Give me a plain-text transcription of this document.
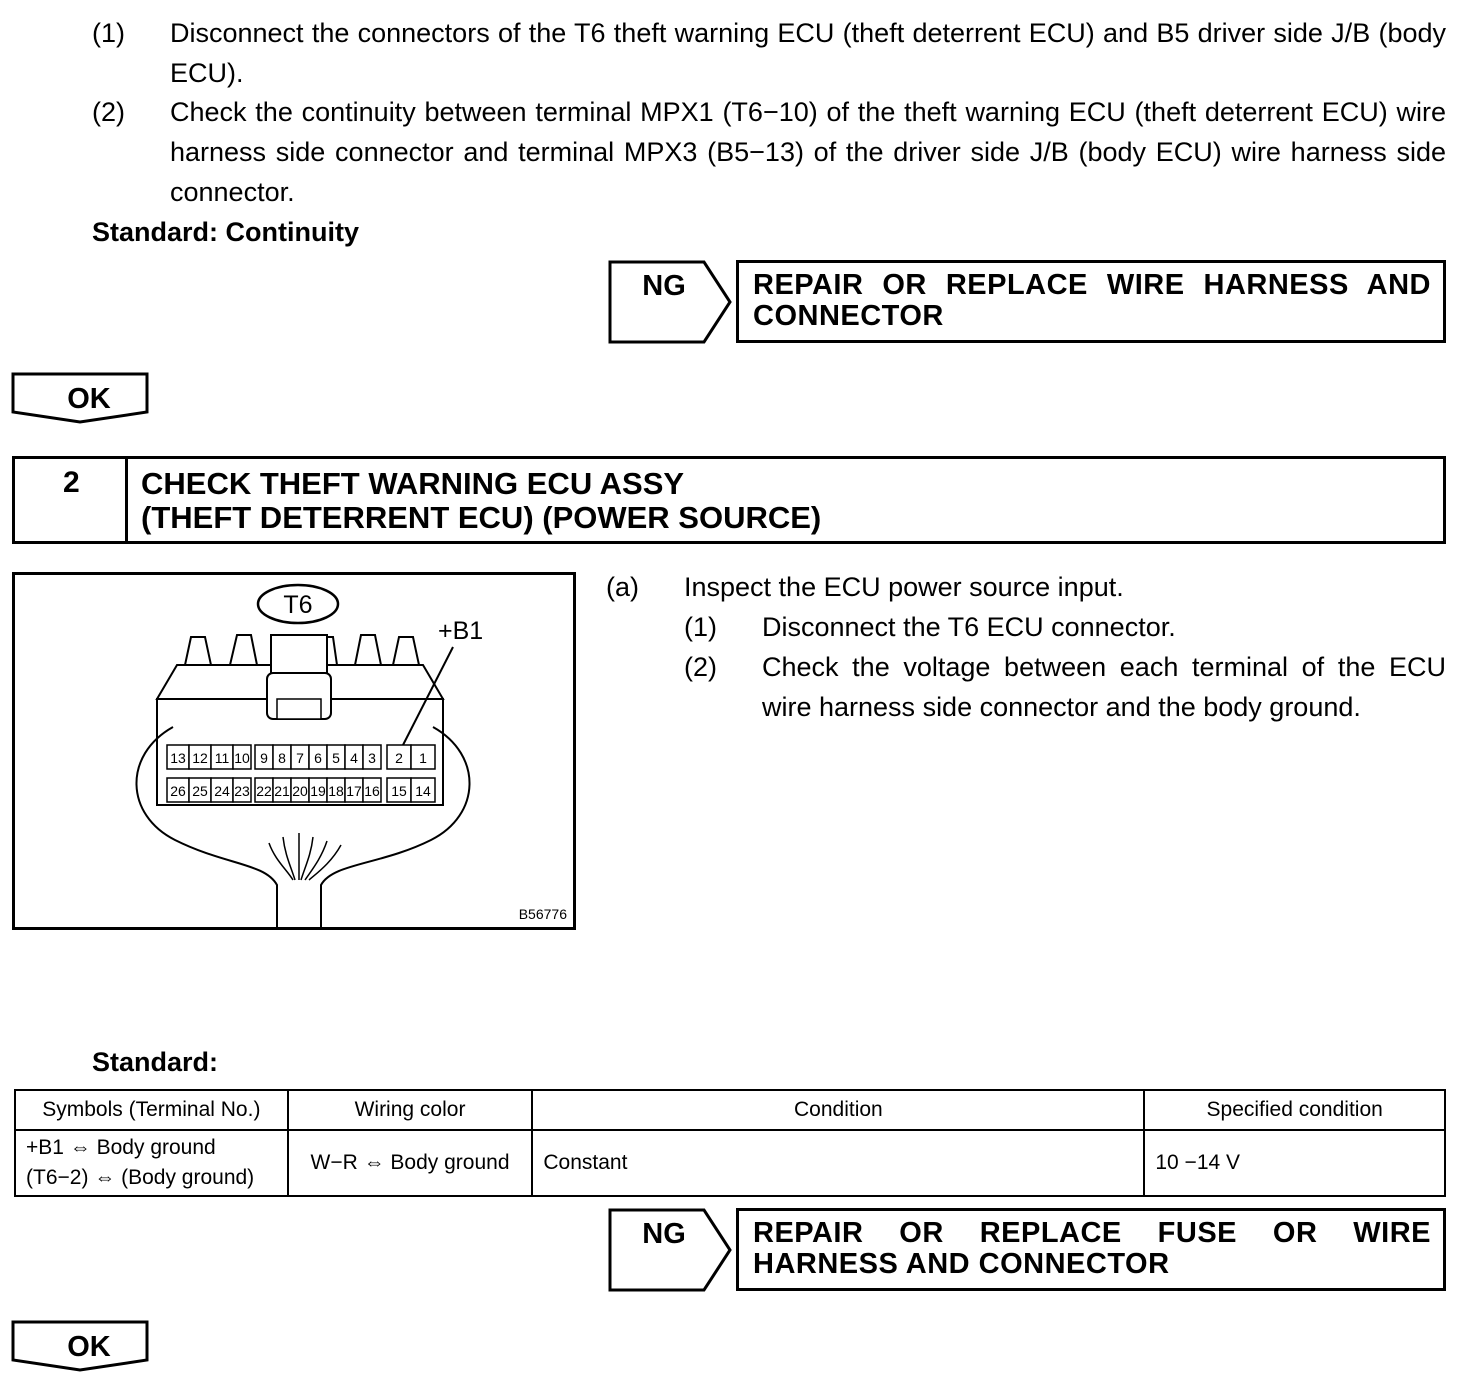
(1) Disconnect the connectors of the T6 theft warning ECU (theft deterrent ECU) and B5 driver side J/B (body ECU).
(2) Check the continuity between terminal MPX1 (T6−10) of the theft warning ECU (theft deterrent ECU) wire harness side connector and terminal MPX3 (B5−13) of the driver side J/B (body ECU) wire harness side connector.
Standard: Continuity
NG REPAIR OR REPLACE WIRE HARNESS AND
CONNECTOR
OK
2 CHECK THEFT WARNING ECU ASSY
(THEFT DETERRENT ECU) (POWER SOURCE)
T6
+B1
13 12 11 10 9 8 7 6 5 4 3 2 1
26 25 24 23 22 21 20 19 18 17 16 15 14
B56776
(a) Inspect the ECU power source input.
(1) Disconnect the T6 ECU connector.
(2) Check the voltage between each terminal of the ECU wire harness side connector and the body ground.
Standard:
Symbols (Terminal No.)	Wiring color	Condition	Specified condition

+B1 ⇔ Body ground
(T6−2) ⇔ (Body ground)	W−R ⇔ Body ground	Constant	10 −14 V
NG REPAIR OR REPLACE FUSE OR WIRE
HARNESS AND CONNECTOR
OK
